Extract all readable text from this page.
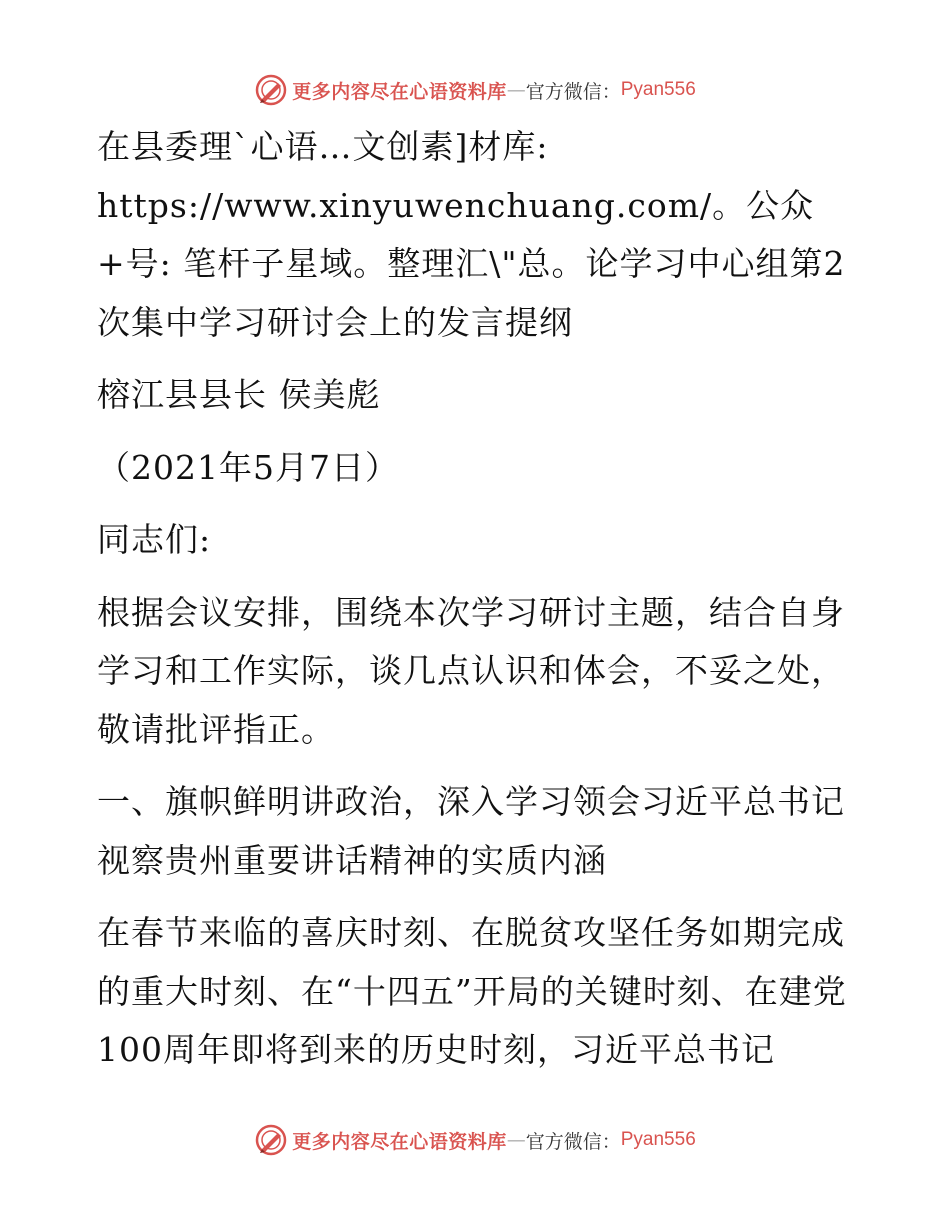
更多内容尽在心语资料库 — 官方微信： Pyan556

在县委理`心语…文创素]材库: https://www.xinyuwenchuang.com/。公众+号: 笔杆子星域。整理汇\"总。论学习中心组第2次集中学习研讨会上的发言提纲

榕江县县长 侯美彪

（2021年5月7日）

同志们:

根据会议安排，围绕本次学习研讨主题，结合自身学习和工作实际，谈几点认识和体会，不妥之处，敬请批评指正。

一、旗帜鲜明讲政治，深入学习领会习近平总书记视察贵州重要讲话精神的实质内涵

在春节来临的喜庆时刻、在脱贫攻坚任务如期完成的重大时刻、在“十四五”开局的关键时刻、在建党100周年即将到来的历史时刻，习近平总书记

更多内容尽在心语资料库 — 官方微信： Pyan556
